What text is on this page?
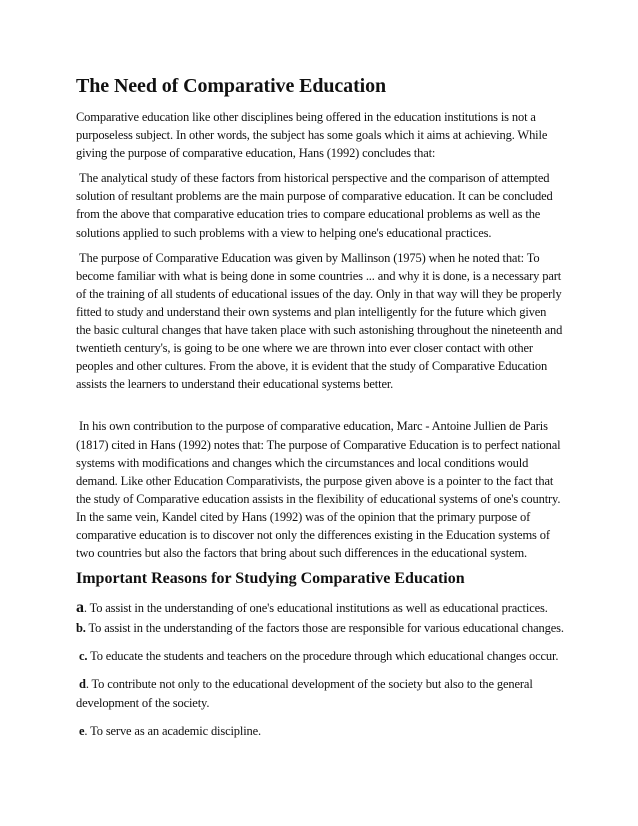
The Need of Comparative Education

Comparative education like other disciplines being offered in the education institutions is not a purposeless subject. In other words, the subject has some goals which it aims at achieving. While giving the purpose of comparative education, Hans (1992) concludes that:

The analytical study of these factors from historical perspective and the comparison of attempted solution of resultant problems are the main purpose of comparative education. It can be concluded from the above that comparative education tries to compare educational problems as well as the solutions applied to such problems with a view to helping one's educational practices.

The purpose of Comparative Education was given by Mallinson (1975) when he noted that: To become familiar with what is being done in some countries ... and why it is done, is a necessary part of the training of all students of educational issues of the day. Only in that way will they be properly fitted to study and understand their own systems and plan intelligently for the future which given the basic cultural changes that have taken place with such astonishing throughout the nineteenth and twentieth century's, is going to be one where we are thrown into ever closer contact with other peoples and other cultures. From the above, it is evident that the study of Comparative Education assists the learners to understand their educational systems better.

In his own contribution to the purpose of comparative education, Marc - Antoine Jullien de Paris (1817) cited in Hans (1992) notes that: The purpose of Comparative Education is to perfect national systems with modifications and changes which the circumstances and local conditions would demand. Like other Education Comparativists, the purpose given above is a pointer to the fact that the study of Comparative education assists in the flexibility of educational systems of one's country. In the same vein, Kandel cited by Hans (1992) was of the opinion that the primary purpose of comparative education is to discover not only the differences existing in the Education systems of two countries but also the factors that bring about such differences in the educational system.

Important Reasons for Studying Comparative Education

a. To assist in the understanding of one's educational institutions as well as educational practices.

b. To assist in the understanding of the factors those are responsible for various educational changes.

c. To educate the students and teachers on the procedure through which educational changes occur.

d. To contribute not only to the educational development of the society but also to the general development of the society.

e. To serve as an academic discipline.
